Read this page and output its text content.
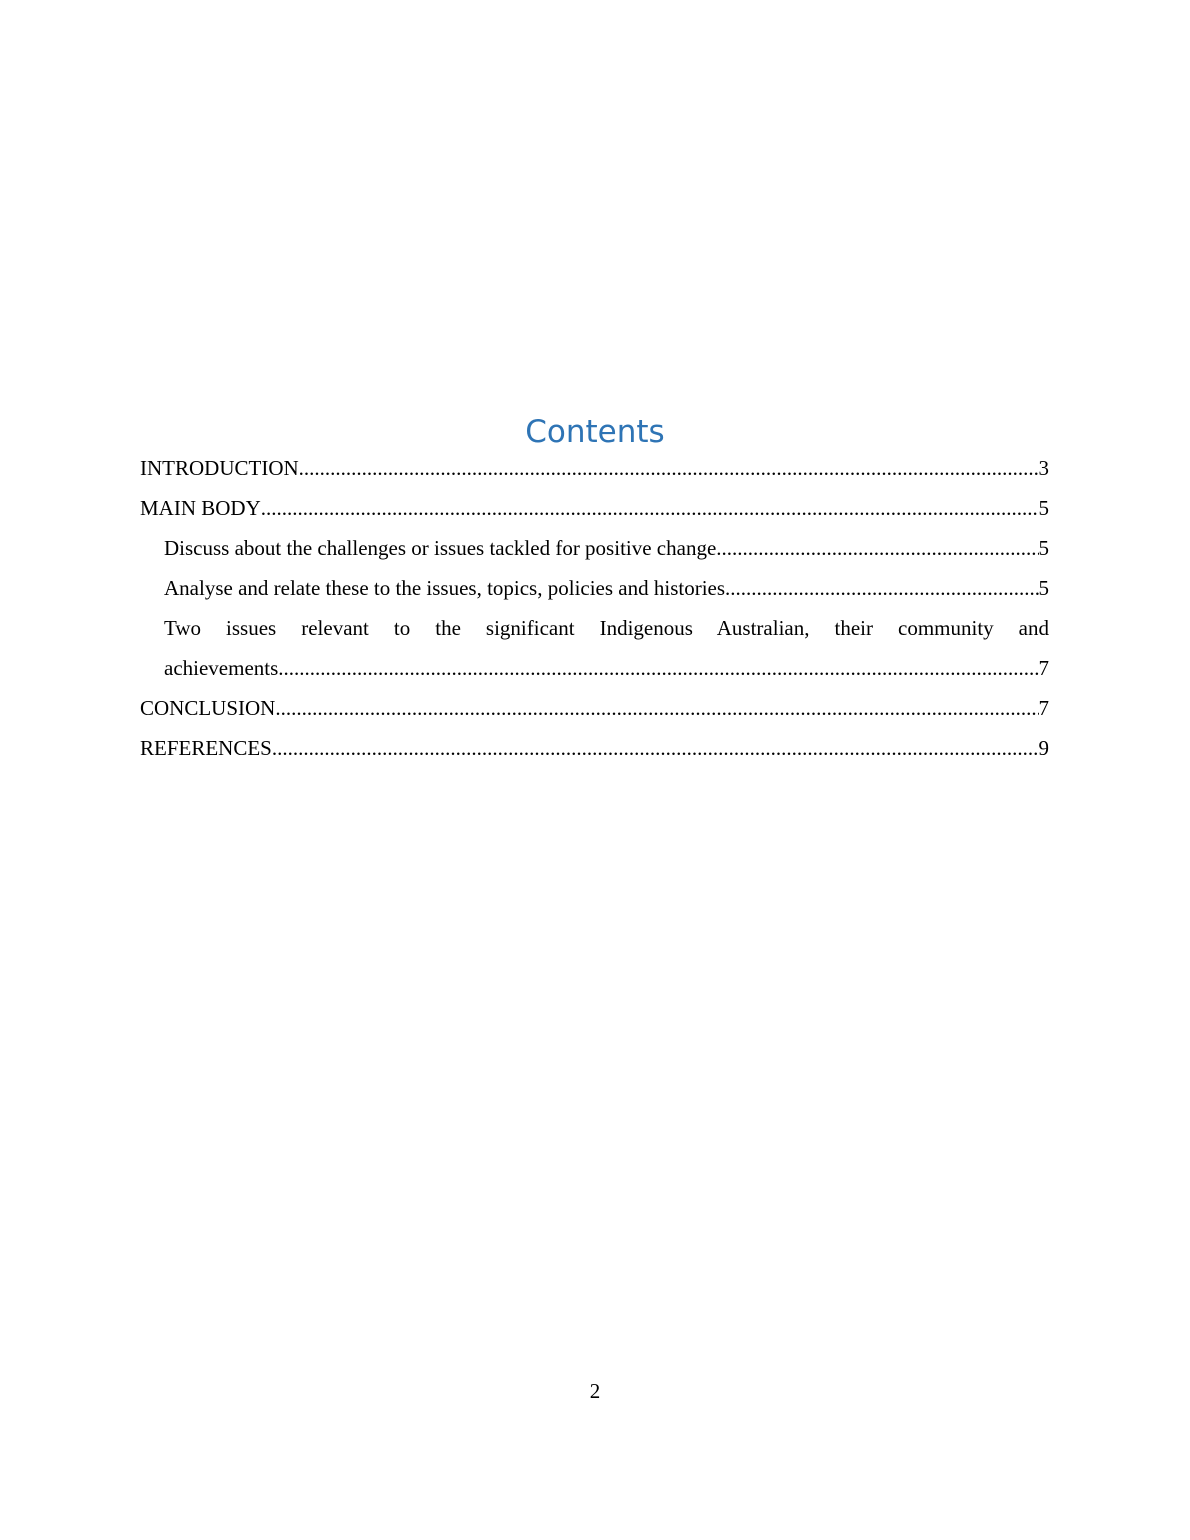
Contents
INTRODUCTION .....	3
MAIN BODY .....	5
Discuss about the challenges or issues tackled for positive change .....	5
Analyse and relate these to the issues, topics, policies and histories .....	5
Two issues relevant to the significant Indigenous Australian, their community and
achievements .....	7
CONCLUSION .....	7
REFERENCES .....	9
2
